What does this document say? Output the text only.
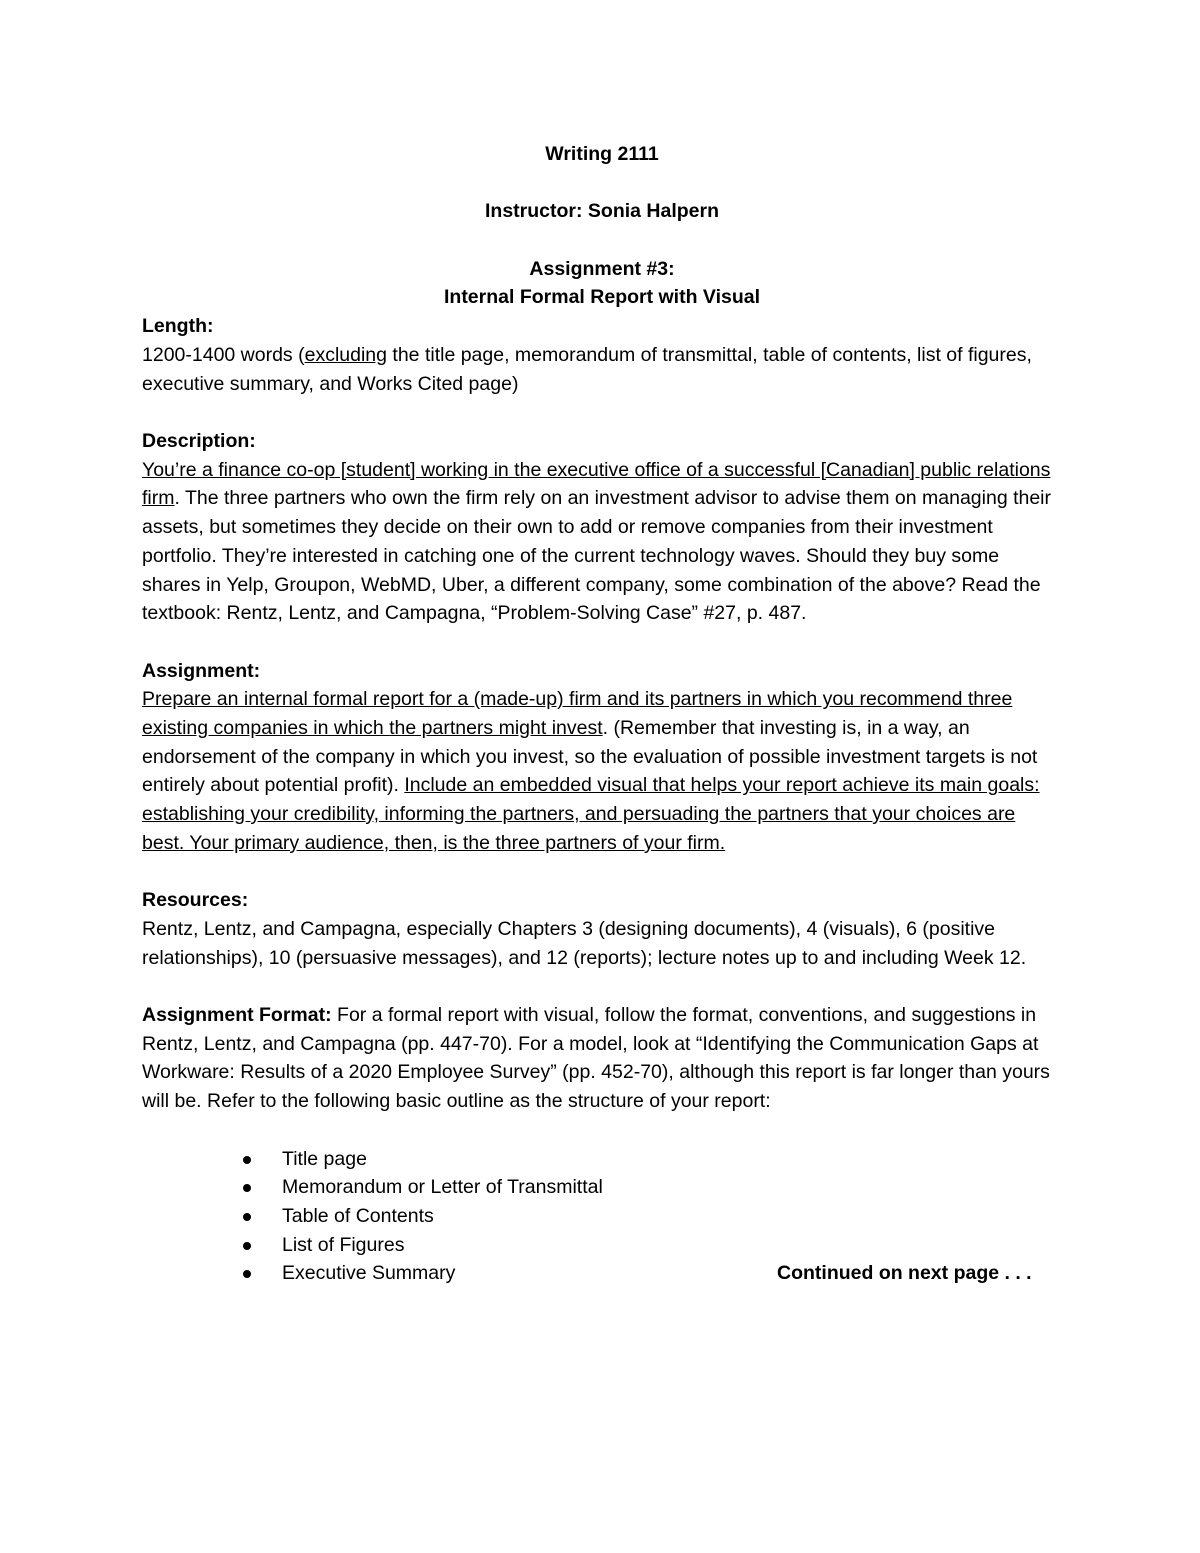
Writing 2111
Instructor: Sonia Halpern
Assignment #3:
Internal Formal Report with Visual
Length:

1200-1400 words (excluding the title page, memorandum of transmittal, table of contents, list of figures, executive summary, and Works Cited page)

Description:

You’re a finance co-op [student] working in the executive office of a successful [Canadian] public relations firm. The three partners who own the firm rely on an investment advisor to advise them on managing their assets, but sometimes they decide on their own to add or remove companies from their investment portfolio. They’re interested in catching one of the current technology waves. Should they buy some shares in Yelp, Groupon, WebMD, Uber, a different company, some combination of the above? Read the textbook: Rentz, Lentz, and Campagna, “Problem-Solving Case” #27, p. 487.

Assignment:

Prepare an internal formal report for a (made-up) firm and its partners in which you recommend three existing companies in which the partners might invest. (Remember that investing is, in a way, an endorsement of the company in which you invest, so the evaluation of possible investment targets is not entirely about potential profit). Include an embedded visual that helps your report achieve its main goals: establishing your credibility, informing the partners, and persuading the partners that your choices are best. Your primary audience, then, is the three partners of your firm.

Resources:

Rentz, Lentz, and Campagna, especially Chapters 3 (designing documents), 4 (visuals), 6 (positive relationships), 10 (persuasive messages), and 12 (reports); lecture notes up to and including Week 12.

Assignment Format: For a formal report with visual, follow the format, conventions, and suggestions in Rentz, Lentz, and Campagna (pp. 447-70). For a model, look at “Identifying the Communication Gaps at Workware: Results of a 2020 Employee Survey” (pp. 452-70), although this report is far longer than yours will be. Refer to the following basic outline as the structure of your report:

Title page
Memorandum or Letter of Transmittal
Table of Contents
List of Figures
Executive Summary	Continued on next page . . .
